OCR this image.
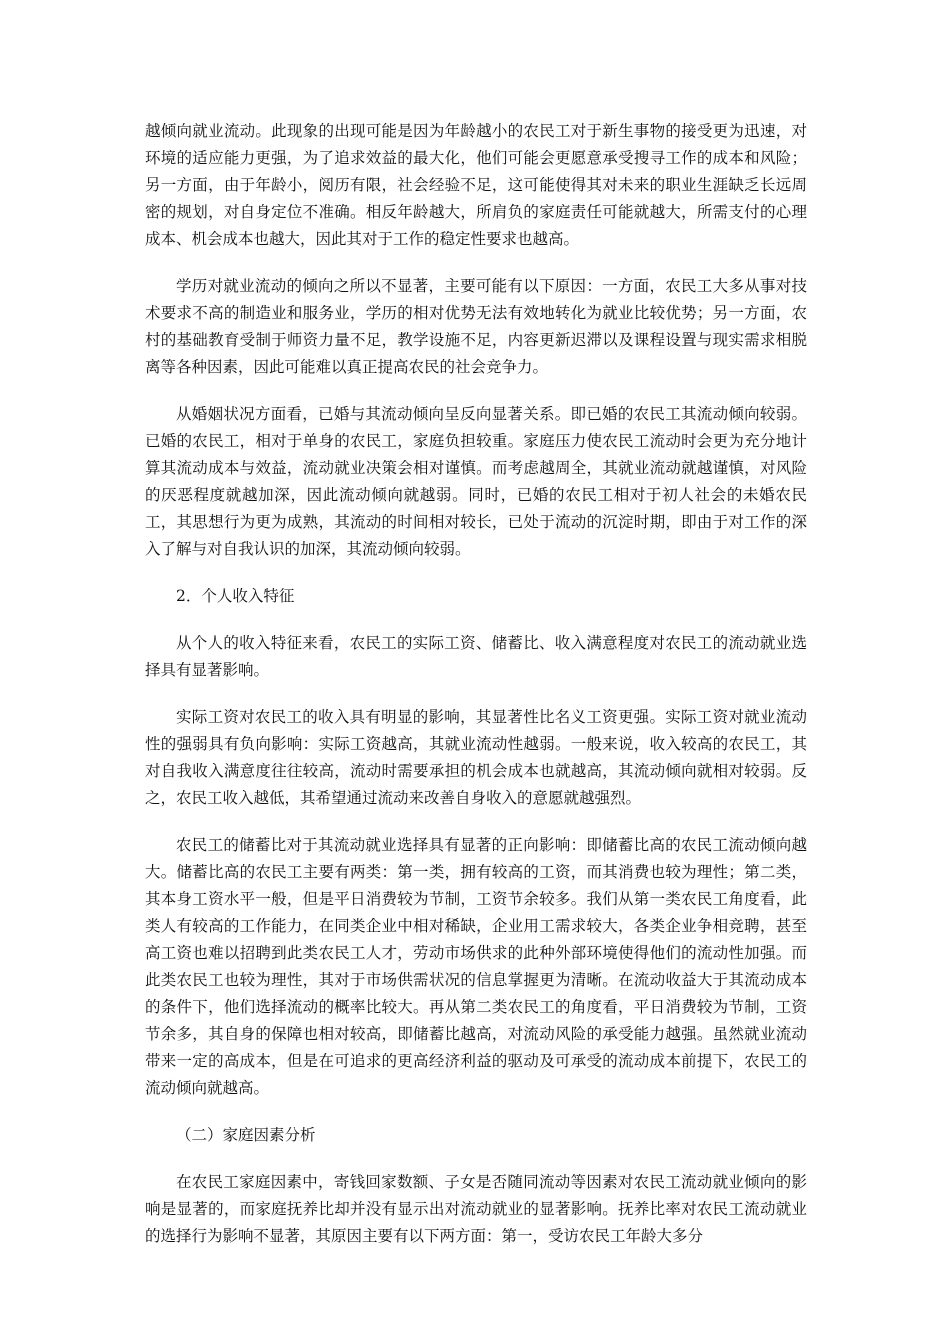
越倾向就业流动。此现象的出现可能是因为年龄越小的农民工对于新生事物的接受更为迅速，对环境的适应能力更强，为了追求效益的最大化，他们可能会更愿意承受搜寻工作的成本和风险；另一方面，由于年龄小，阅历有限，社会经验不足，这可能使得其对未来的职业生涯缺乏长远周密的规划，对自身定位不准确。相反年龄越大，所肩负的家庭责任可能就越大，所需支付的心理成本、机会成本也越大，因此其对于工作的稳定性要求也越高。

学历对就业流动的倾向之所以不显著，主要可能有以下原因：一方面，农民工大多从事对技术要求不高的制造业和服务业，学历的相对优势无法有效地转化为就业比较优势；另一方面，农村的基础教育受制于师资力量不足，教学设施不足，内容更新迟滞以及课程设置与现实需求相脱离等各种因素，因此可能难以真正提高农民的社会竞争力。

从婚姻状况方面看，已婚与其流动倾向呈反向显著关系。即已婚的农民工其流动倾向较弱。已婚的农民工，相对于单身的农民工，家庭负担较重。家庭压力使农民工流动时会更为充分地计算其流动成本与效益，流动就业决策会相对谨慎。而考虑越周全，其就业流动就越谨慎，对风险的厌恶程度就越加深，因此流动倾向就越弱。同时，已婚的农民工相对于初人社会的未婚农民工，其思想行为更为成熟，其流动的时间相对较长，已处于流动的沉淀时期，即由于对工作的深入了解与对自我认识的加深，其流动倾向较弱。

2．个人收入特征

从个人的收入特征来看，农民工的实际工资、储蓄比、收入满意程度对农民工的流动就业选择具有显著影响。

实际工资对农民工的收入具有明显的影响，其显著性比名义工资更强。实际工资对就业流动性的强弱具有负向影响：实际工资越高，其就业流动性越弱。一般来说，收入较高的农民工，其对自我收入满意度往往较高，流动时需要承担的机会成本也就越高，其流动倾向就相对较弱。反之，农民工收入越低，其希望通过流动来改善自身收入的意愿就越强烈。

农民工的储蓄比对于其流动就业选择具有显著的正向影响：即储蓄比高的农民工流动倾向越大。储蓄比高的农民工主要有两类：第一类，拥有较高的工资，而其消费也较为理性；第二类，其本身工资水平一般，但是平日消费较为节制，工资节余较多。我们从第一类农民工角度看，此类人有较高的工作能力，在同类企业中相对稀缺，企业用工需求较大，各类企业争相竞聘，甚至高工资也难以招聘到此类农民工人才，劳动市场供求的此种外部环境使得他们的流动性加强。而此类农民工也较为理性，其对于市场供需状况的信息掌握更为清晰。在流动收益大于其流动成本的条件下，他们选择流动的概率比较大。再从第二类农民工的角度看，平日消费较为节制，工资节余多，其自身的保障也相对较高，即储蓄比越高，对流动风险的承受能力越强。虽然就业流动带来一定的高成本，但是在可追求的更高经济利益的驱动及可承受的流动成本前提下，农民工的流动倾向就越高。

（二）家庭因素分析

在农民工家庭因素中，寄钱回家数额、子女是否随同流动等因素对农民工流动就业倾向的影响是显著的，而家庭抚养比却并没有显示出对流动就业的显著影响。抚养比率对农民工流动就业的选择行为影响不显著，其原因主要有以下两方面：第一，受访农民工年龄大多分
